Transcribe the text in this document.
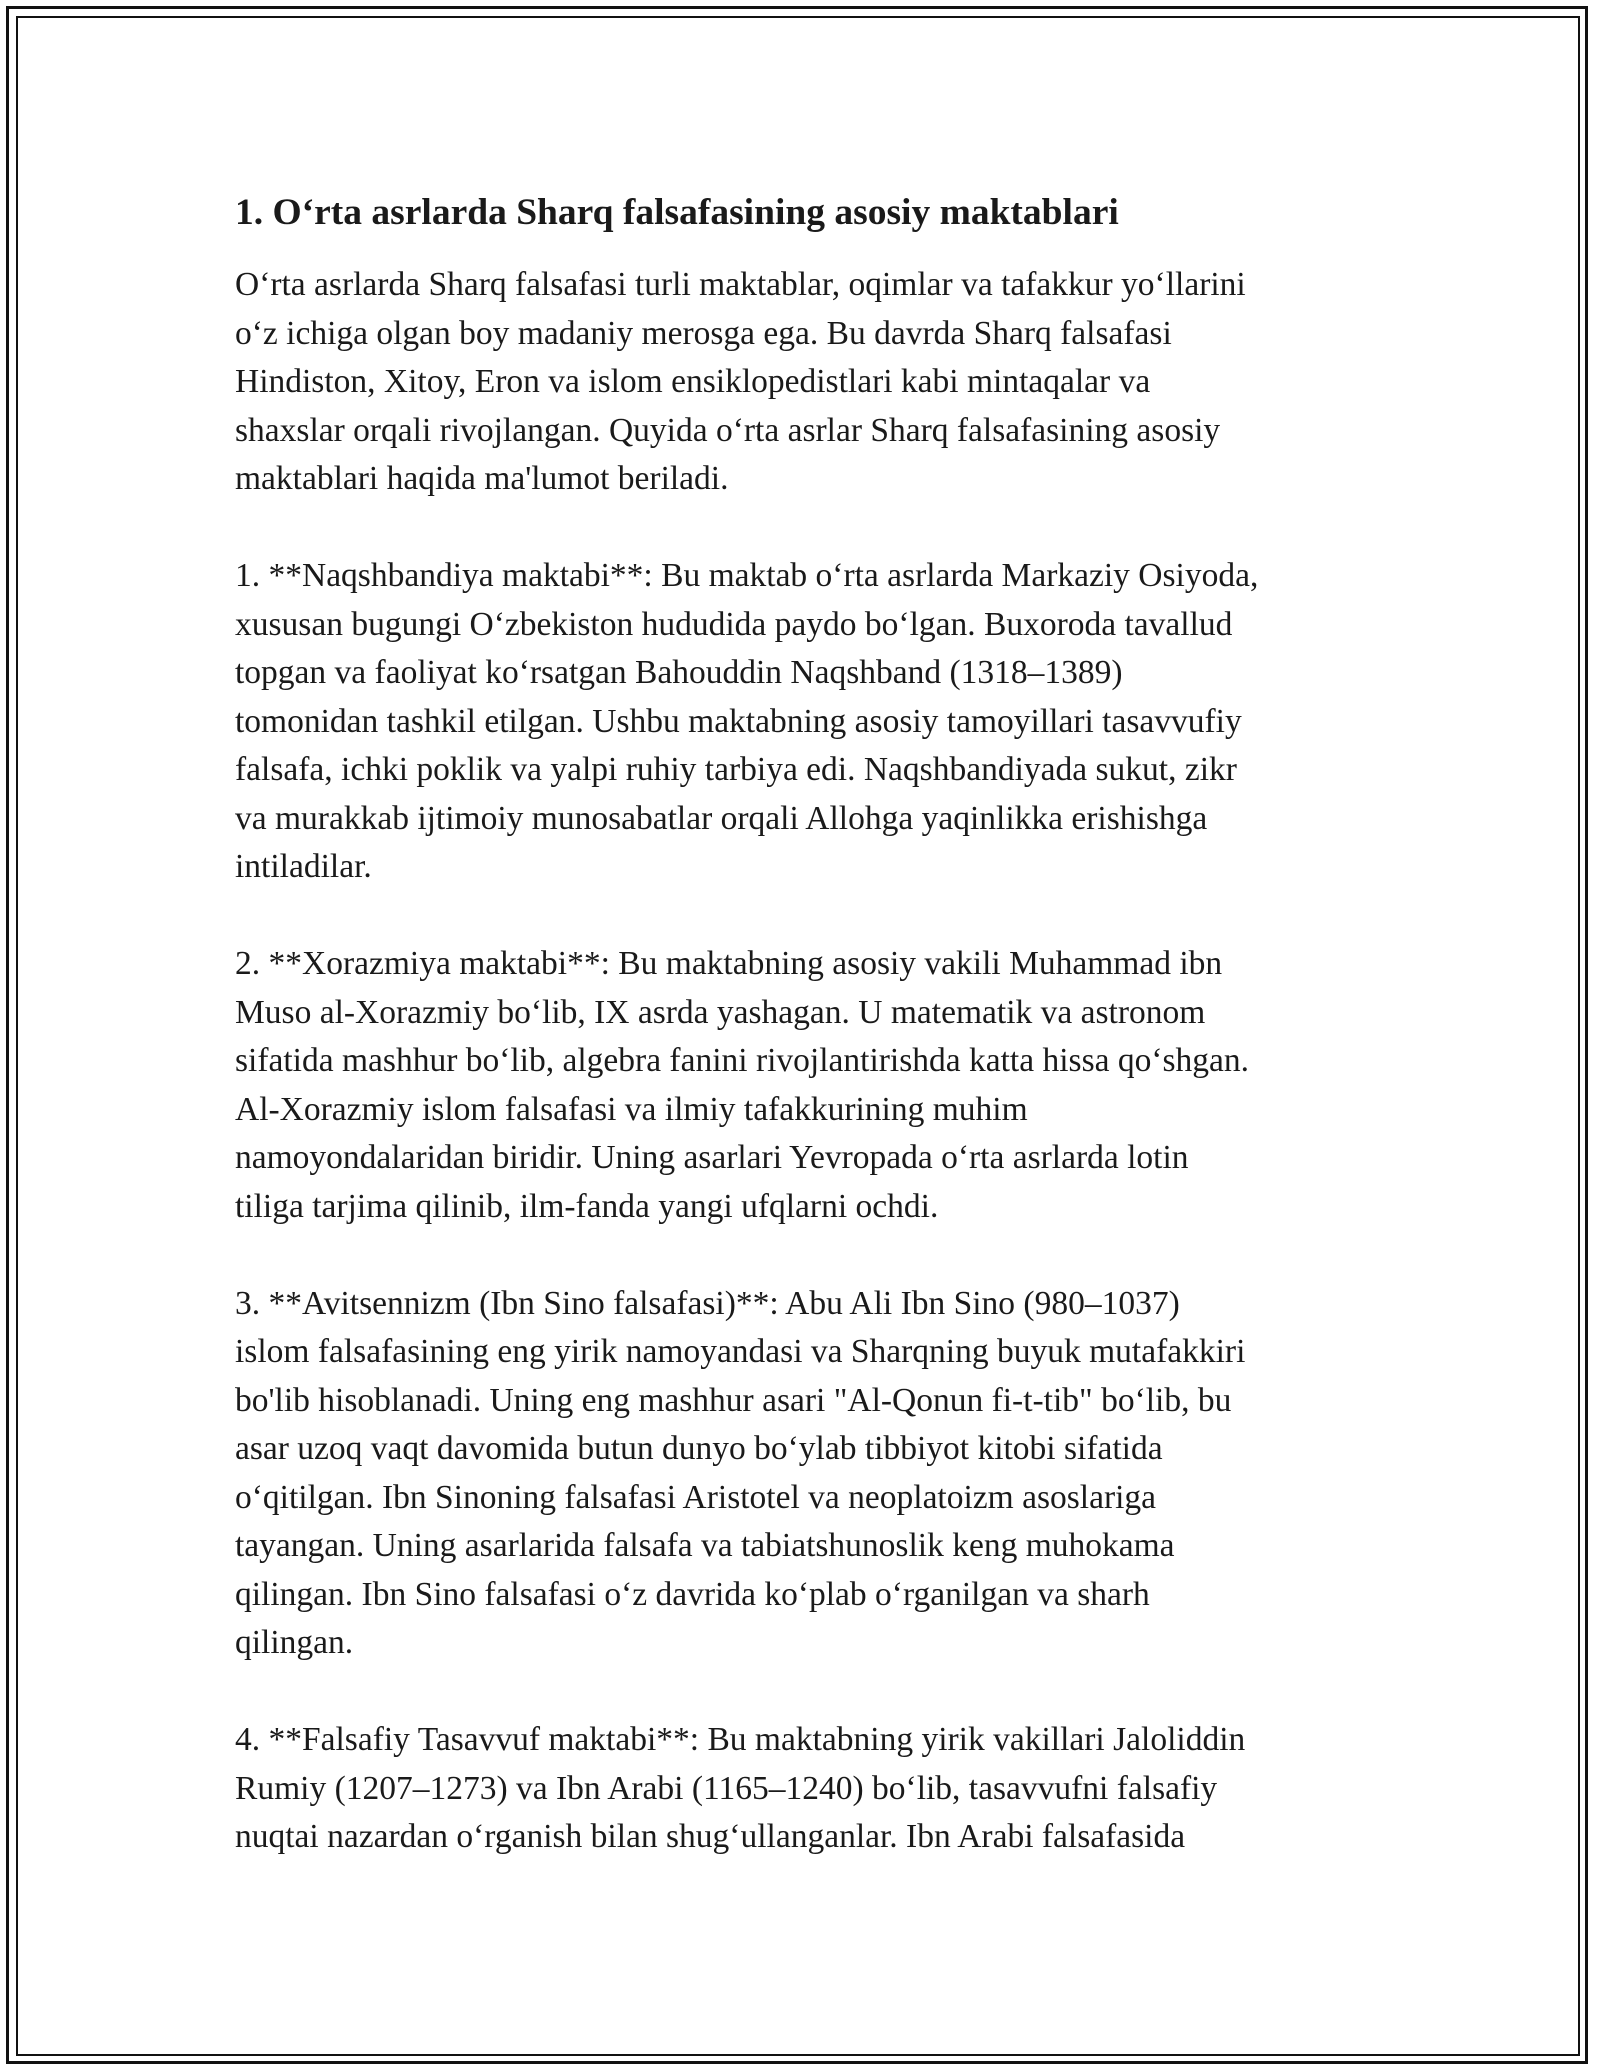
1. O‘rta asrlarda Sharq falsafasining asosiy maktablari

O‘rta asrlarda Sharq falsafasi turli maktablar, oqimlar va tafakkur yo‘llarini
o‘z ichiga olgan boy madaniy merosga ega. Bu davrda Sharq falsafasi
Hindiston, Xitoy, Eron va islom ensiklopedistlari kabi mintaqalar va
shaxslar orqali rivojlangan. Quyida o‘rta asrlar Sharq falsafasining asosiy
maktablari haqida ma'lumot beriladi.

1. **Naqshbandiya maktabi**: Bu maktab o‘rta asrlarda Markaziy Osiyoda,
xususan bugungi O‘zbekiston hududida paydo bo‘lgan. Buxoroda tavallud
topgan va faoliyat ko‘rsatgan Bahouddin Naqshband (1318–1389)
tomonidan tashkil etilgan. Ushbu maktabning asosiy tamoyillari tasavvufiy
falsafa, ichki poklik va yalpi ruhiy tarbiya edi. Naqshbandiyada sukut, zikr
va murakkab ijtimoiy munosabatlar orqali Allohga yaqinlikka erishishga
intiladilar.

2. **Xorazmiya maktabi**: Bu maktabning asosiy vakili Muhammad ibn
Muso al-Xorazmiy bo‘lib, IX asrda yashagan. U matematik va astronom
sifatida mashhur bo‘lib, algebra fanini rivojlantirishda katta hissa qo‘shgan.
Al-Xorazmiy islom falsafasi va ilmiy tafakkurining muhim
namoyondalaridan biridir. Uning asarlari Yevropada o‘rta asrlarda lotin
tiliga tarjima qilinib, ilm-fanda yangi ufqlarni ochdi.

3. **Avitsennizm (Ibn Sino falsafasi)**: Abu Ali Ibn Sino (980–1037)
islom falsafasining eng yirik namoyandasi va Sharqning buyuk mutafakkiri
bo'lib hisoblanadi. Uning eng mashhur asari "Al-Qonun fi-t-tib" bo‘lib, bu
asar uzoq vaqt davomida butun dunyo bo‘ylab tibbiyot kitobi sifatida
o‘qitilgan. Ibn Sinoning falsafasi Aristotel va neoplatoizm asoslariga
tayangan. Uning asarlarida falsafa va tabiatshunoslik keng muhokama
qilingan. Ibn Sino falsafasi o‘z davrida ko‘plab o‘rganilgan va sharh
qilingan.

4. **Falsafiy Tasavvuf maktabi**: Bu maktabning yirik vakillari Jaloliddin
Rumiy (1207–1273) va Ibn Arabi (1165–1240) bo‘lib, tasavvufni falsafiy
nuqtai nazardan o‘rganish bilan shug‘ullanganlar. Ibn Arabi falsafasida
